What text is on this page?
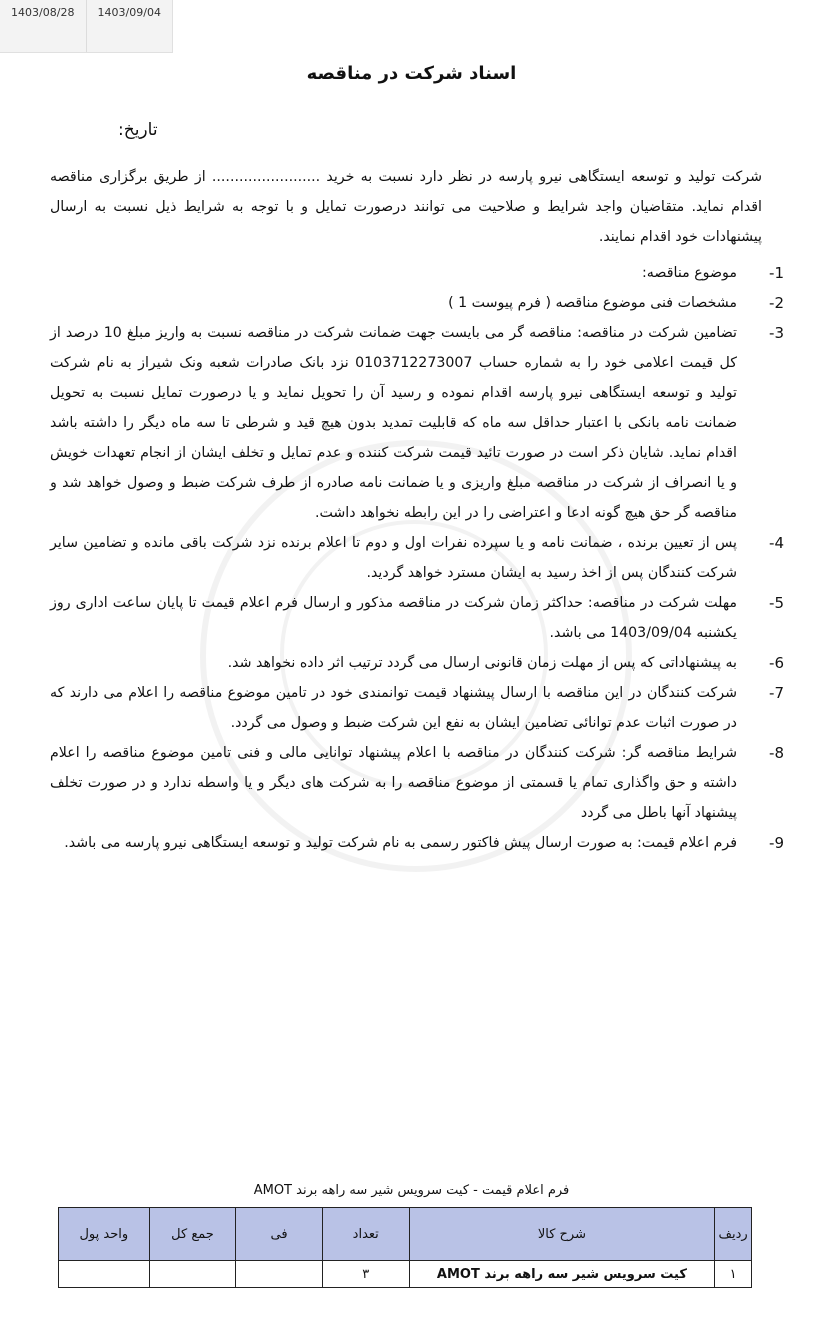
1403/08/28	1403/09/04
اسناد شرکت در مناقصه
تاریخ:

شرکت تولید و توسعه ایستگاهی نیرو پارسه در نظر دارد نسبت به خرید ........................ از طریق برگزاری مناقصه اقدام نماید. متقاضیان واجد شرایط و صلاحیت می توانند درصورت تمایل و با توجه به شرایط ذیل نسبت به ارسال پیشنهادات خود اقدام نمایند.

-1
موضوع مناقصه:
-2
مشخصات فنی موضوع مناقصه ( فرم پیوست 1 )
-3
تضامین شرکت در مناقصه: مناقصه گر می بایست جهت ضمانت شرکت در مناقصه نسبت به واریز مبلغ 10 درصد از کل قیمت اعلامی خود را به شماره حساب 0103712273007 نزد بانک صادرات شعبه ونک شیراز به نام شرکت تولید و توسعه ایستگاهی نیرو پارسه اقدام نموده و رسید آن را تحویل نماید و یا درصورت تمایل نسبت به تحویل ضمانت نامه بانکی با اعتبار حداقل سه ماه که قابلیت تمدید بدون هیچ قید و شرطی تا سه ماه دیگر را داشته باشد اقدام نماید. شایان ذکر است در صورت تائید قیمت شرکت کننده و عدم تمایل و تخلف ایشان از انجام تعهدات خویش و یا انصراف از شرکت در مناقصه مبلغ واریزی و یا ضمانت نامه صادره از طرف شرکت ضبط و وصول خواهد شد و مناقصه گر حق هیچ گونه ادعا و اعتراضی را در این رابطه نخواهد داشت.
-4
پس از تعیین برنده ، ضمانت نامه و یا سپرده نفرات اول و دوم تا اعلام برنده نزد شرکت باقی مانده و تضامین سایر شرکت کنندگان پس از اخذ رسید به ایشان مسترد خواهد گردید.
-5
مهلت شرکت در مناقصه: حداکثر زمان شرکت در مناقصه مذکور و ارسال فرم اعلام قیمت تا پایان ساعت اداری روز یکشنبه 1403/09/04 می باشد.
-6
به پیشنهاداتی که پس از مهلت زمان قانونی ارسال می گردد ترتیب اثر داده نخواهد شد.
-7
شرکت کنندگان در این مناقصه با ارسال پیشنهاد قیمت توانمندی خود در تامین موضوع مناقصه را اعلام می دارند که در صورت اثبات عدم توانائی تضامین ایشان به نفع این شرکت ضبط و وصول می گردد.
-8
شرایط مناقصه گر: شرکت کنندگان در مناقصه با اعلام پیشنهاد توانایی مالی و فنی تامین موضوع مناقصه را اعلام داشته و حق واگذاری تمام یا قسمتی از موضوع مناقصه را به شرکت های دیگر و یا واسطه ندارد و در صورت تخلف پیشنهاد آنها باطل می گردد
-9
فرم اعلام قیمت: به صورت ارسال پیش فاکتور رسمی به نام شرکت تولید و توسعه ایستگاهی نیرو پارسه می باشد.
فرم اعلام قیمت - کیت سرویس شیر سه راهه برند AMOT
ردیف	شرح کالا	تعداد	فی	جمع کل	واحد پول
۱	کیت سرویس شیر سه راهه برند AMOT	۳			
